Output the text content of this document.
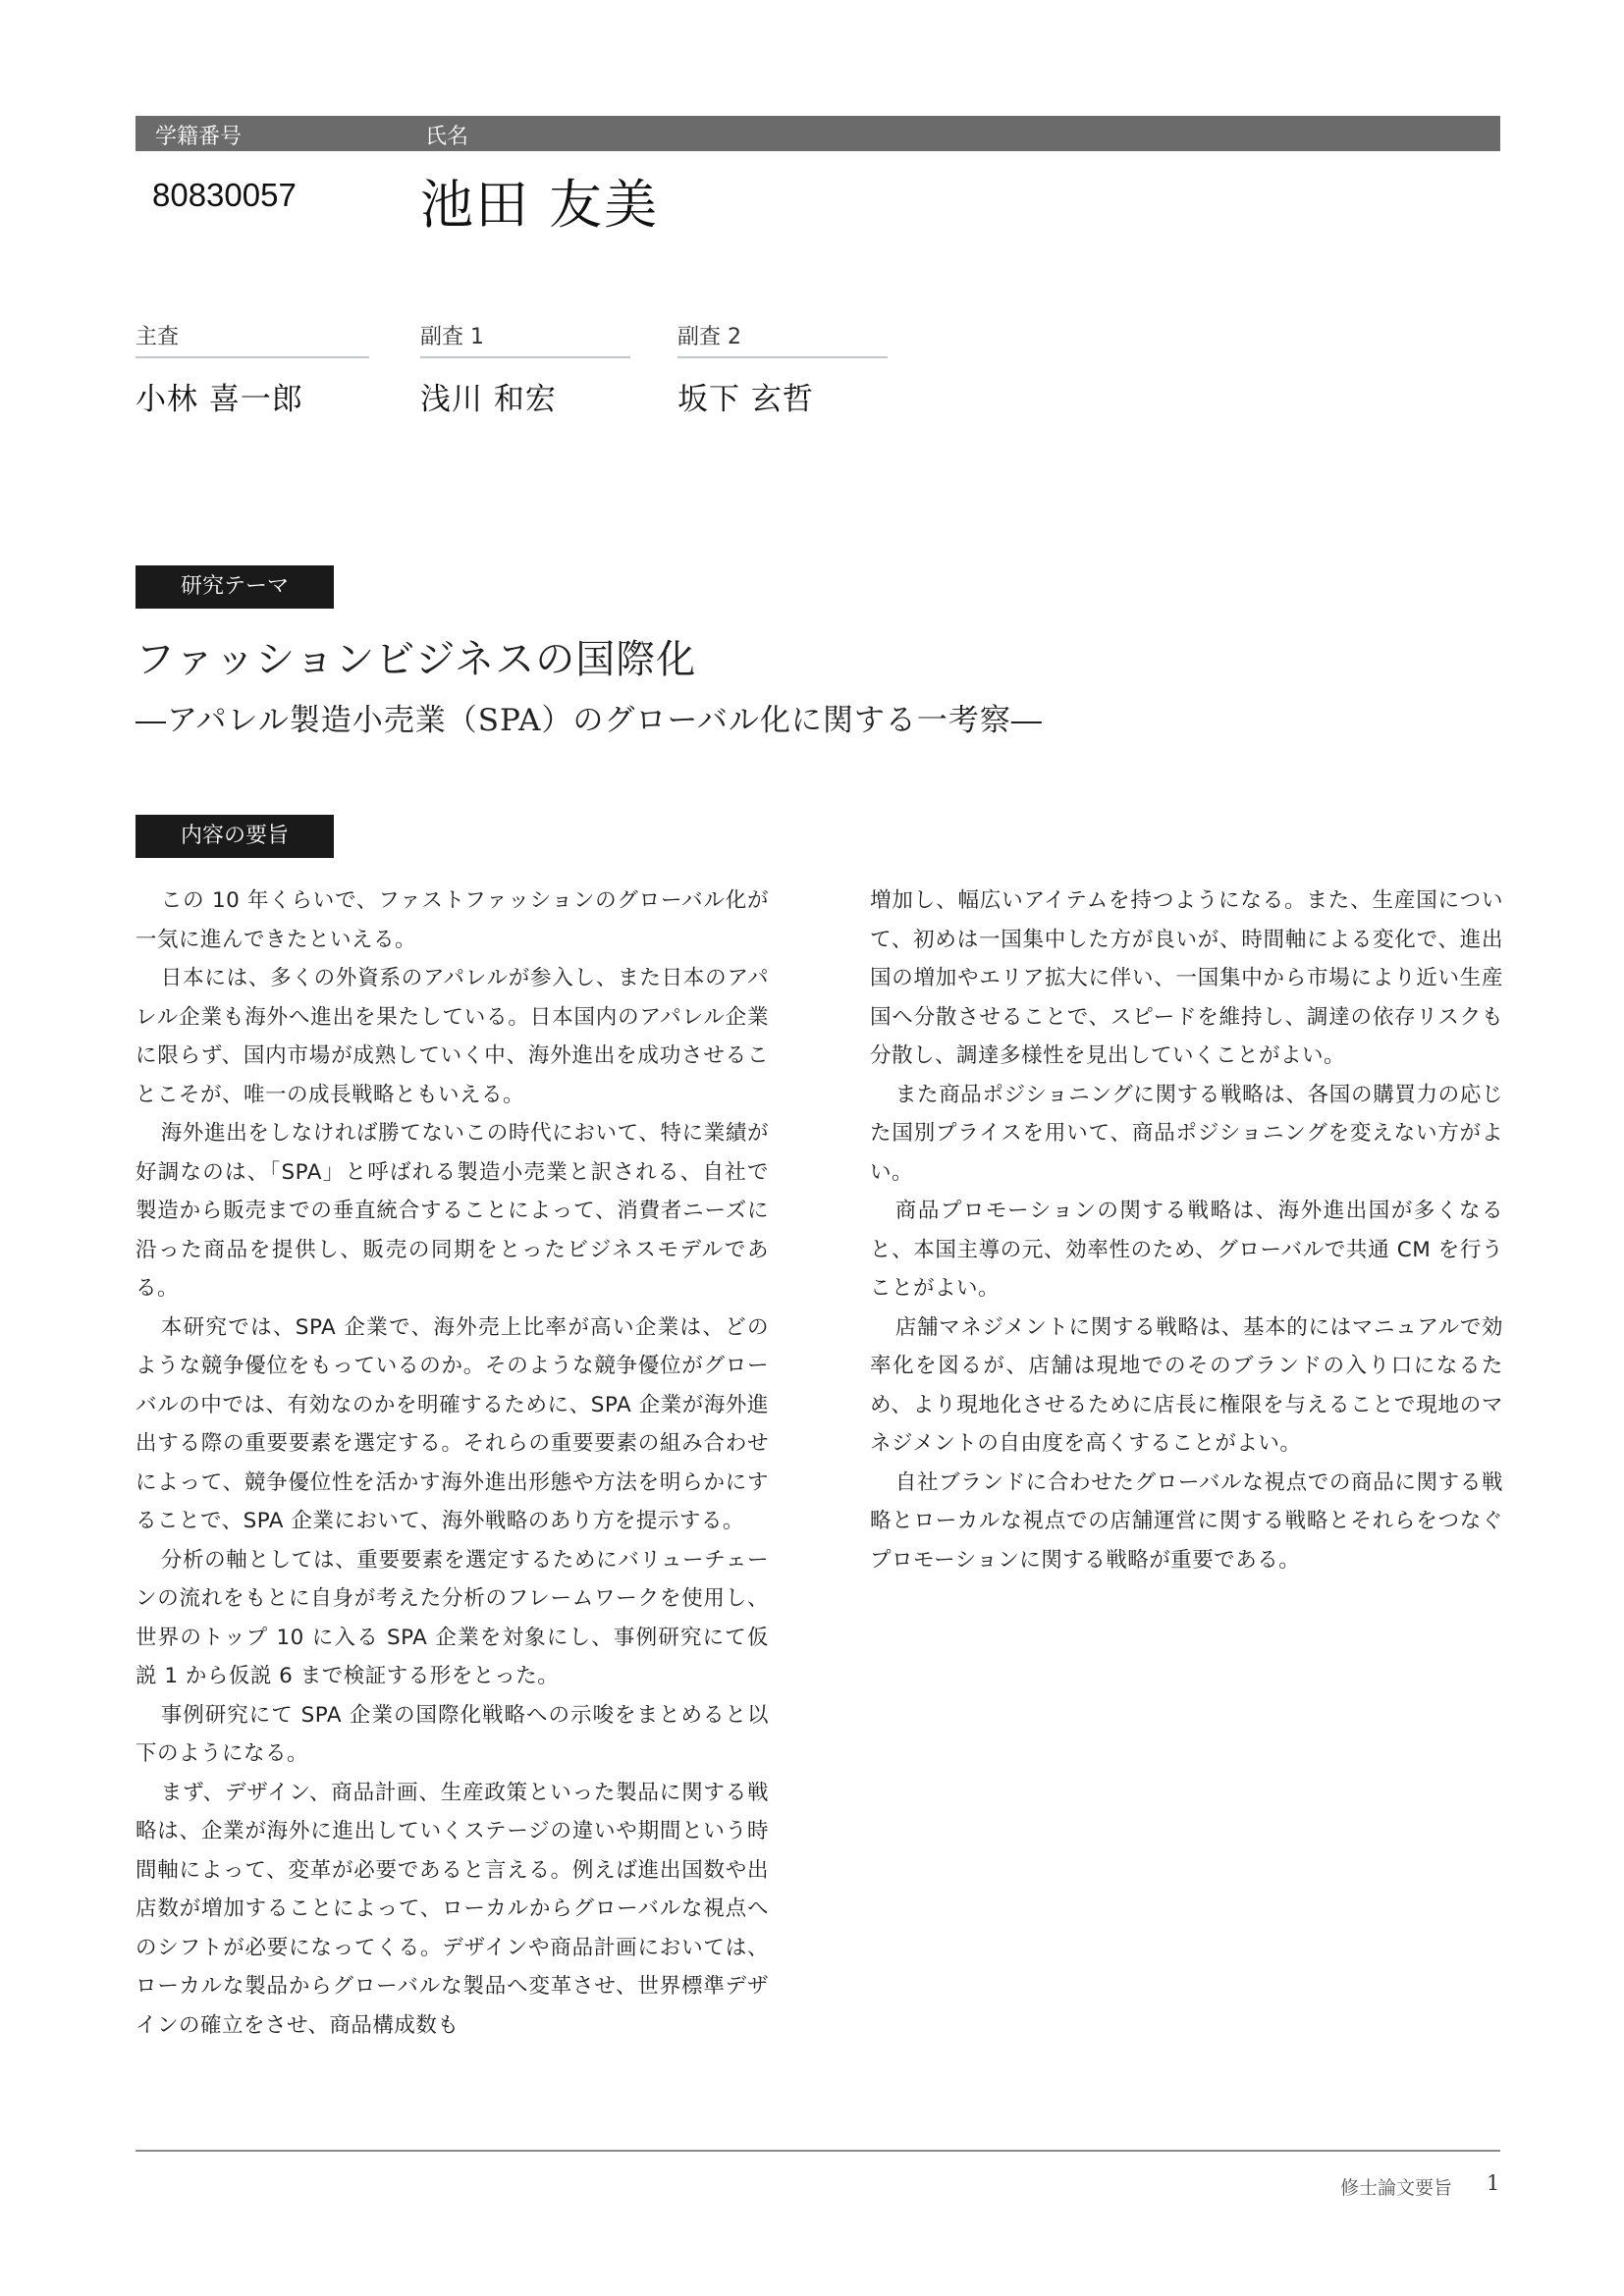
学籍番号	氏名
80830057 池田 友美
主査
小林 喜一郎
副査 1
浅川 和宏
副査 2
坂下 玄哲
研究テーマ
ファッションビジネスの国際化
―アパレル製造小売業（SPA）のグローバル化に関する一考察―
内容の要旨

この 10 年くらいで、ファストファッションのグローバル化が一気に進んできたといえる。

日本には、多くの外資系のアパレルが参入し、また日本のアパレル企業も海外へ進出を果たしている。日本国内のアパレル企業に限らず、国内市場が成熟していく中、海外進出を成功させることこそが、唯一の成長戦略ともいえる。

海外進出をしなければ勝てないこの時代において、特に業績が好調なのは、「SPA」と呼ばれる製造小売業と訳される、自社で製造から販売までの垂直統合することによって、消費者ニーズに沿った商品を提供し、販売の同期をとったビジネスモデルである。

本研究では、SPA 企業で、海外売上比率が高い企業は、どのような競争優位をもっているのか。そのような競争優位がグローバルの中では、有効なのかを明確するために、SPA 企業が海外進出する際の重要要素を選定する。それらの重要要素の組み合わせによって、競争優位性を活かす海外進出形態や方法を明らかにすることで、SPA 企業において、海外戦略のあり方を提示する。

分析の軸としては、重要要素を選定するためにバリューチェーンの流れをもとに自身が考えた分析のフレームワークを使用し、世界のトップ 10 に入る SPA 企業を対象にし、事例研究にて仮説 1 から仮説 6 まで検証する形をとった。

事例研究にて SPA 企業の国際化戦略への示唆をまとめると以下のようになる。

まず、デザイン、商品計画、生産政策といった製品に関する戦略は、企業が海外に進出していくステージの違いや期間という時間軸によって、変革が必要であると言える。例えば進出国数や出店数が増加することによって、ローカルからグローバルな視点へのシフトが必要になってくる。デザインや商品計画においては、ローカルな製品からグローバルな製品へ変革させ、世界標準デザインの確立をさせ、商品構成数も

増加し、幅広いアイテムを持つようになる。また、生産国について、初めは一国集中した方が良いが、時間軸による変化で、進出国の増加やエリア拡大に伴い、一国集中から市場により近い生産国へ分散させることで、スピードを維持し、調達の依存リスクも分散し、調達多様性を見出していくことがよい。

また商品ポジショニングに関する戦略は、各国の購買力の応じた国別プライスを用いて、商品ポジショニングを変えない方がよい。

商品プロモーションの関する戦略は、海外進出国が多くなると、本国主導の元、効率性のため、グローバルで共通 CM を行うことがよい。

店舗マネジメントに関する戦略は、基本的にはマニュアルで効率化を図るが、店舗は現地でのそのブランドの入り口になるため、より現地化させるために店長に権限を与えることで現地のマネジメントの自由度を高くすることがよい。

自社ブランドに合わせたグローバルな視点での商品に関する戦略とローカルな視点での店舗運営に関する戦略とそれらをつなぐプロモーションに関する戦略が重要である。

修士論文要旨 1
